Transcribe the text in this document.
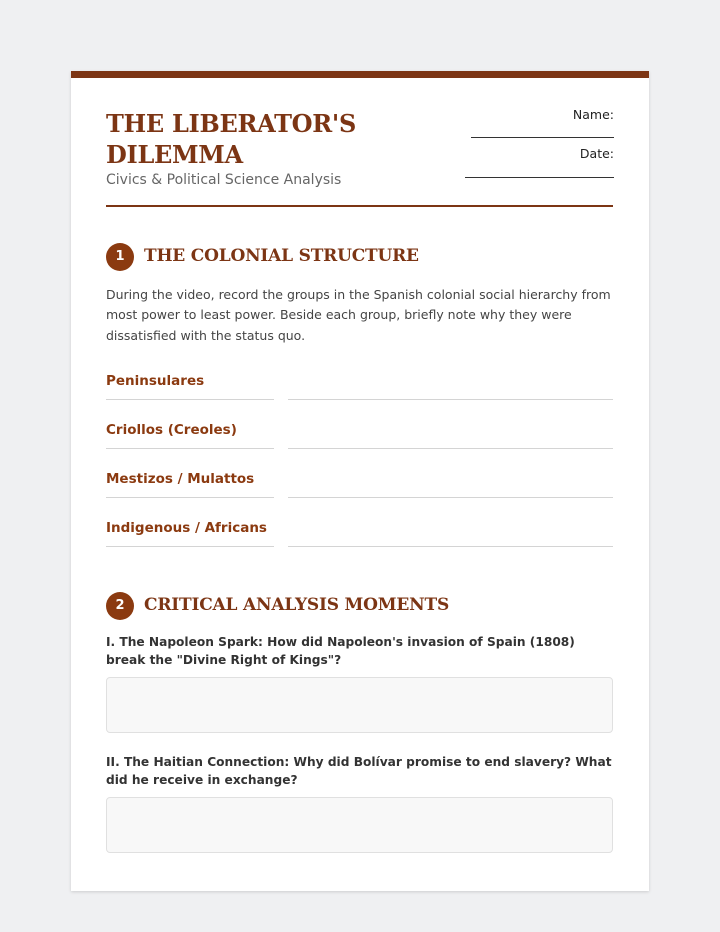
THE LIBERATOR'S DILEMMA
Civics & Political Science Analysis
Name:
Date:
1	THE COLONIAL STRUCTURE
During the video, record the groups in the Spanish colonial social hierarchy from most power to least power. Beside each group, briefly note why they were dissatisfied with the status quo.
Peninsulares
Criollos (Creoles)
Mestizos / Mulattos
Indigenous / Africans
2	CRITICAL ANALYSIS MOMENTS
I. The Napoleon Spark: How did Napoleon's invasion of Spain (1808) break the "Divine Right of Kings"?
II. The Haitian Connection: Why did Bolívar promise to end slavery? What did he receive in exchange?
